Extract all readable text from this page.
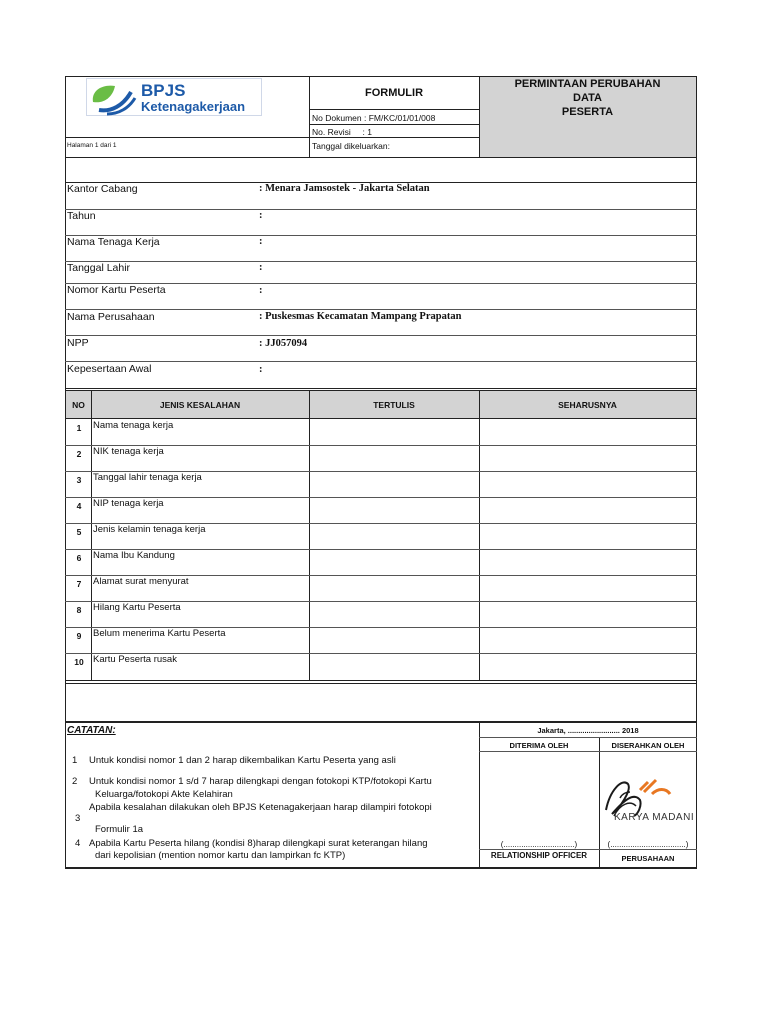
BPJS
Ketenagakerjaan
FORMULIR
PERMINTAAN PERUBAHAN
DATA
PESERTA
No Dokumen : FM/KC/01/01/008
No. Revisi     : 1
Tanggal dikeluarkan:
Halaman 1 dari 1
Kantor Cabang	: Menara Jamsostek - Jakarta Selatan
Tahun	:
Nama Tenaga Kerja	:
Tanggal Lahir	:
Nomor Kartu Peserta	:
Nama Perusahaan	: Puskesmas Kecamatan Mampang Prapatan
NPP	: JJ057094
Kepesertaan Awal	:
NO	JENIS KESALAHAN	TERTULIS	SEHARUSNYA
1	Nama tenaga kerja
2	NIK tenaga kerja
3	Tanggal lahir tenaga kerja
4	NIP tenaga kerja
5	Jenis kelamin tenaga kerja
6	Nama Ibu Kandung
7	Alamat surat menyurat
8	Hilang Kartu Peserta
9	Belum menerima Kartu Peserta
10 Kartu Peserta rusak
CATATAN:
1 Untuk kondisi nomor 1 dan 2 harap dikembalikan Kartu Peserta yang asli
2 Untuk kondisi nomor 1 s/d 7 harap dilengkapi dengan fotokopi KTP/fotokopi Kartu
Keluarga/fotokopi Akte Kelahiran
Apabila kesalahan dilakukan oleh BPJS Ketenagakerjaan harap dilampiri fotokopi
3
Formulir 1a
4 Apabila Kartu Peserta hilang (kondisi 8)harap dilengkapi surat keterangan hilang
dari kepolisian (mention nomor kartu dan lampirkan fc KTP)
Jakarta, ......................... 2018
DITERIMA OLEH	DISERAHKAN OLEH
KARYA MADANI
(................................)	(..................................)
RELATIONSHIP OFFICER	PERUSAHAAN
